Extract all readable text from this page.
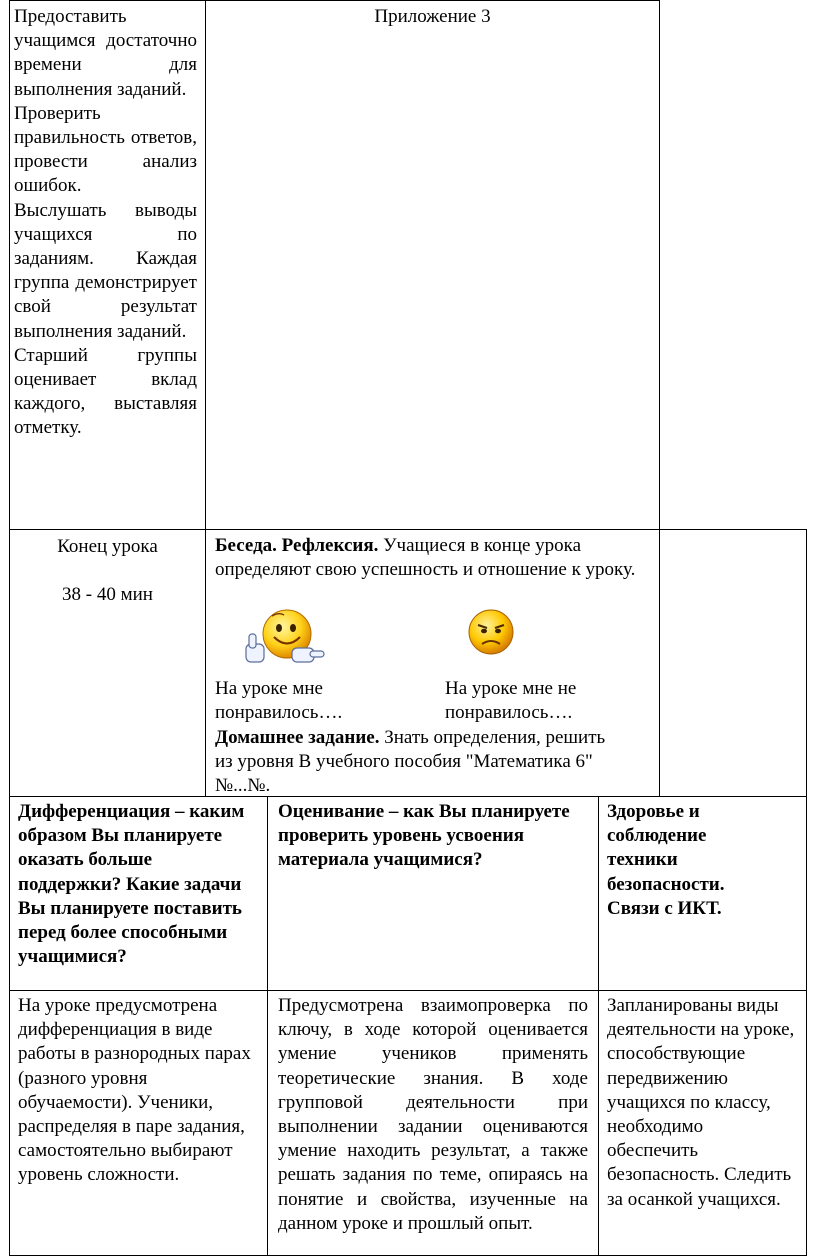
Предоставить учащимся достаточно времени для выполнения заданий.
Проверить правильность ответов, провести анализ ошибок.
Выслушать выводы учащихся по заданиям. Каждая группа демонстрирует свой результат выполнения заданий.
Старший группы оценивает вклад каждого, выставляя отметку.
Приложение 3
Конец урока
38 - 40 мин
Беседа. Рефлексия. Учащиеся в конце урока определяют свою успешность и отношение к уроку.
На уроке мне понравилось….
На уроке мне не понравилось….
Домашнее задание. Знать определения, решить из уровня В учебного пособия "Математика 6" №...№.
Дифференциация – каким образом Вы планируете оказать больше поддержки? Какие задачи Вы планируете поставить перед более способными учащимися?
Оценивание – как Вы планируете проверить уровень усвоения материала учащимися?
Здоровье и соблюдение техники безопасности. Связи с ИКТ.
На уроке предусмотрена дифференциация в виде работы в разнородных парах (разного уровня обучаемости). Ученики, распределяя в паре задания, самостоятельно выбирают уровень сложности.
Предусмотрена взаимопроверка по ключу, в ходе которой оценивается умение учеников применять теоретические знания. В ходе групповой деятельности при выполнении задании оцениваются умение находить результат, а также решать задания по теме, опираясь на понятие и свойства, изученные на данном уроке и прошлый опыт.
Запланированы виды деятельности на уроке, способствующие передвижению учащихся по классу, необходимо обеспечить безопасность. Следить за осанкой учащихся.
